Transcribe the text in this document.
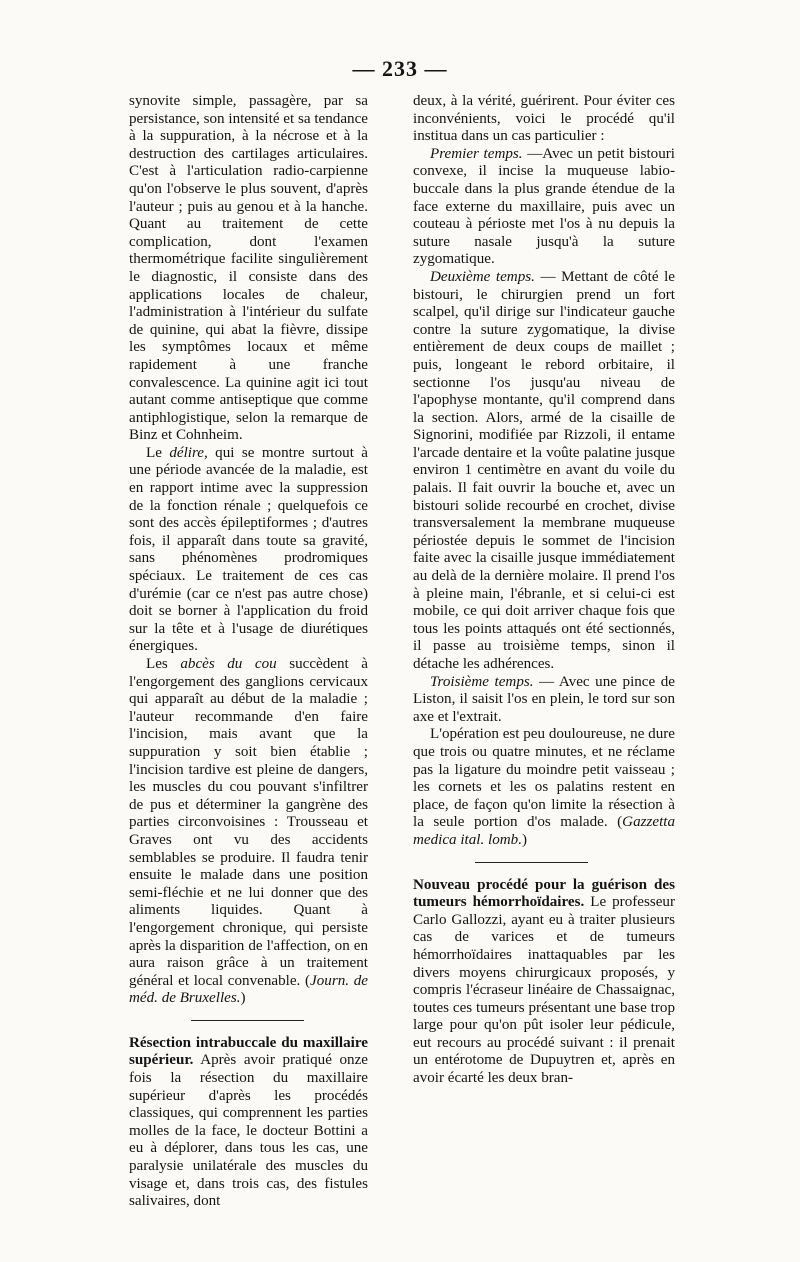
— 233 —

synovite simple, passagère, par sa persistance, son intensité et sa tendance à la suppuration, à la nécrose et à la destruction des cartilages articulaires. C'est à l'articulation radio-carpienne qu'on l'observe le plus souvent, d'après l'auteur ; puis au genou et à la hanche. Quant au traitement de cette complication, dont l'examen thermométrique facilite singulièrement le diagnostic, il consiste dans des applications locales de chaleur, l'administration à l'intérieur du sulfate de quinine, qui abat la fièvre, dissipe les symptômes locaux et même rapidement à une franche convalescence. La quinine agit ici tout autant comme antiseptique que comme antiphlogistique, selon la remarque de Binz et Cohnheim.

Le délire, qui se montre surtout à une période avancée de la maladie, est en rapport intime avec la suppression de la fonction rénale ; quelquefois ce sont des accès épileptiformes ; d'autres fois, il apparaît dans toute sa gravité, sans phénomènes prodromiques spéciaux. Le traitement de ces cas d'urémie (car ce n'est pas autre chose) doit se borner à l'application du froid sur la tête et à l'usage de diurétiques énergiques.

Les abcès du cou succèdent à l'engorgement des ganglions cervicaux qui apparaît au début de la maladie ; l'auteur recommande d'en faire l'incision, mais avant que la suppuration y soit bien établie ; l'incision tardive est pleine de dangers, les muscles du cou pouvant s'infiltrer de pus et déterminer la gangrène des parties circonvoisines : Trousseau et Graves ont vu des accidents semblables se produire. Il faudra tenir ensuite le malade dans une position semi-fléchie et ne lui donner que des aliments liquides. Quant à l'engorgement chronique, qui persiste après la disparition de l'affection, on en aura raison grâce à un traitement général et local convenable. (Journ. de méd. de Bruxelles.)

Résection intrabuccale du maxillaire supérieur. Après avoir pratiqué onze fois la résection du maxillaire supérieur d'après les procédés classiques, qui comprennent les parties molles de la face, le docteur Bottini a eu à déplorer, dans tous les cas, une paralysie unilatérale des muscles du visage et, dans trois cas, des fistules salivaires, dont

deux, à la vérité, guérirent. Pour éviter ces inconvénients, voici le procédé qu'il institua dans un cas particulier :

Premier temps. —Avec un petit bistouri convexe, il incise la muqueuse labio-buccale dans la plus grande étendue de la face externe du maxillaire, puis avec un couteau à périoste met l'os à nu depuis la suture nasale jusqu'à la suture zygomatique.

Deuxième temps. — Mettant de côté le bistouri, le chirurgien prend un fort scalpel, qu'il dirige sur l'indicateur gauche contre la suture zygomatique, la divise entièrement de deux coups de maillet ; puis, longeant le rebord orbitaire, il sectionne l'os jusqu'au niveau de l'apophyse montante, qu'il comprend dans la section. Alors, armé de la cisaille de Signorini, modifiée par Rizzoli, il entame l'arcade dentaire et la voûte palatine jusque environ 1 centimètre en avant du voile du palais. Il fait ouvrir la bouche et, avec un bistouri solide recourbé en crochet, divise transversalement la membrane muqueuse périostée depuis le sommet de l'incision faite avec la cisaille jusque immédiatement au delà de la dernière molaire. Il prend l'os à pleine main, l'ébranle, et si celui-ci est mobile, ce qui doit arriver chaque fois que tous les points attaqués ont été sectionnés, il passe au troisième temps, sinon il détache les adhérences.

Troisième temps. — Avec une pince de Liston, il saisit l'os en plein, le tord sur son axe et l'extrait.

L'opération est peu douloureuse, ne dure que trois ou quatre minutes, et ne réclame pas la ligature du moindre petit vaisseau ; les cornets et les os palatins restent en place, de façon qu'on limite la résection à la seule portion d'os malade. (Gazzetta medica ital. lomb.)

Nouveau procédé pour la guérison des tumeurs hémorrhoïdaires. Le professeur Carlo Gallozzi, ayant eu à traiter plusieurs cas de varices et de tumeurs hémorrhoïdaires inattaquables par les divers moyens chirurgicaux proposés, y compris l'écraseur linéaire de Chassaignac, toutes ces tumeurs présentant une base trop large pour qu'on pût isoler leur pédicule, eut recours au procédé suivant : il prenait un entérotome de Dupuytren et, après en avoir écarté les deux bran-
